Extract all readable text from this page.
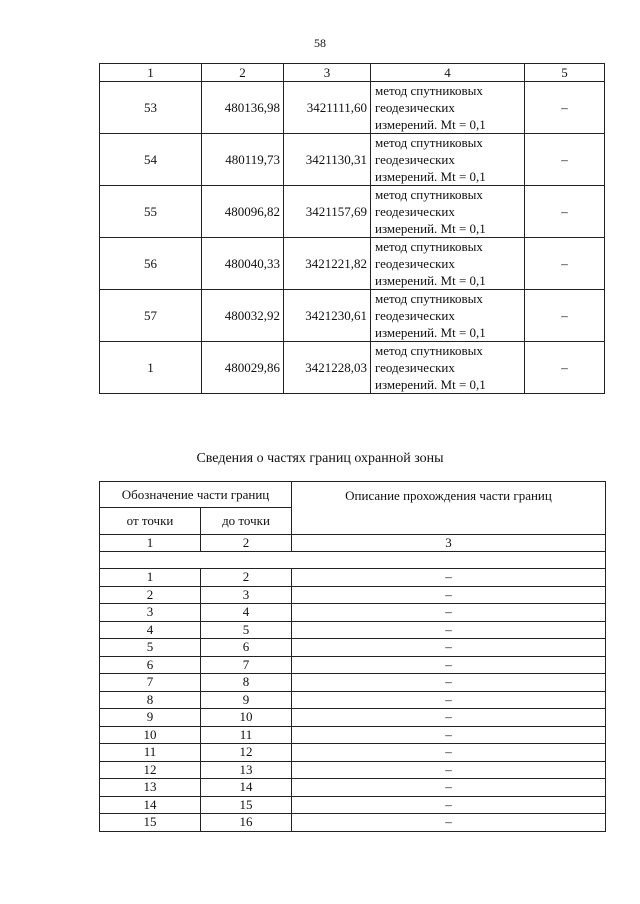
58
1	2	3	4	5
53	480136,98	3421111,60	метод спутниковых
геодезических
измерений. Mt = 0,1	–
54	480119,73	3421130,31	метод спутниковых
геодезических
измерений. Mt = 0,1	–
55	480096,82	3421157,69	метод спутниковых
геодезических
измерений. Mt = 0,1	–
56	480040,33	3421221,82	метод спутниковых
геодезических
измерений. Mt = 0,1	–
57	480032,92	3421230,61	метод спутниковых
геодезических
измерений. Mt = 0,1	–
1	480029,86	3421228,03	метод спутниковых
геодезических
измерений. Mt = 0,1	–
Сведения о частях границ охранной зоны
Обозначение части границ		Описание прохождения части границ
от точки	до точки	
1	2	3

1	2	–
2	3	–
3	4	–
4	5	–
5	6	–
6	7	–
7	8	–
8	9	–
9	10	–
10	11	–
11	12	–
12	13	–
13	14	–
14	15	–
15	16	–
